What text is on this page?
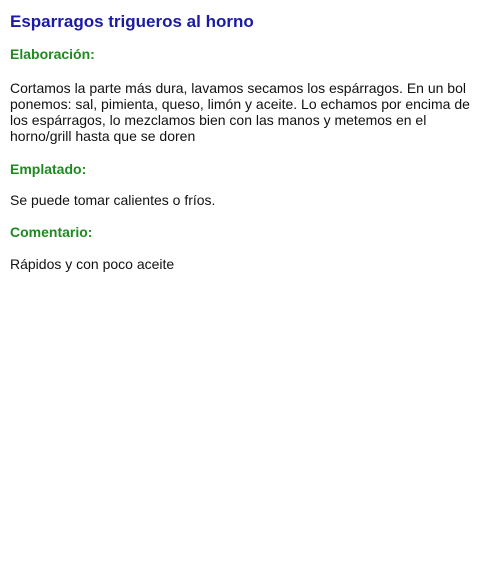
Esparragos trigueros al horno
Elaboración:

Cortamos la parte más dura, lavamos secamos los espárragos. En un bol ponemos: sal, pimienta, queso, limón y aceite. Lo echamos por encima de los espárragos, lo mezclamos bien con las manos y metemos en el horno/grill hasta que se doren

Emplatado:

Se puede tomar calientes o fríos.

Comentario:

Rápidos y con poco aceite
